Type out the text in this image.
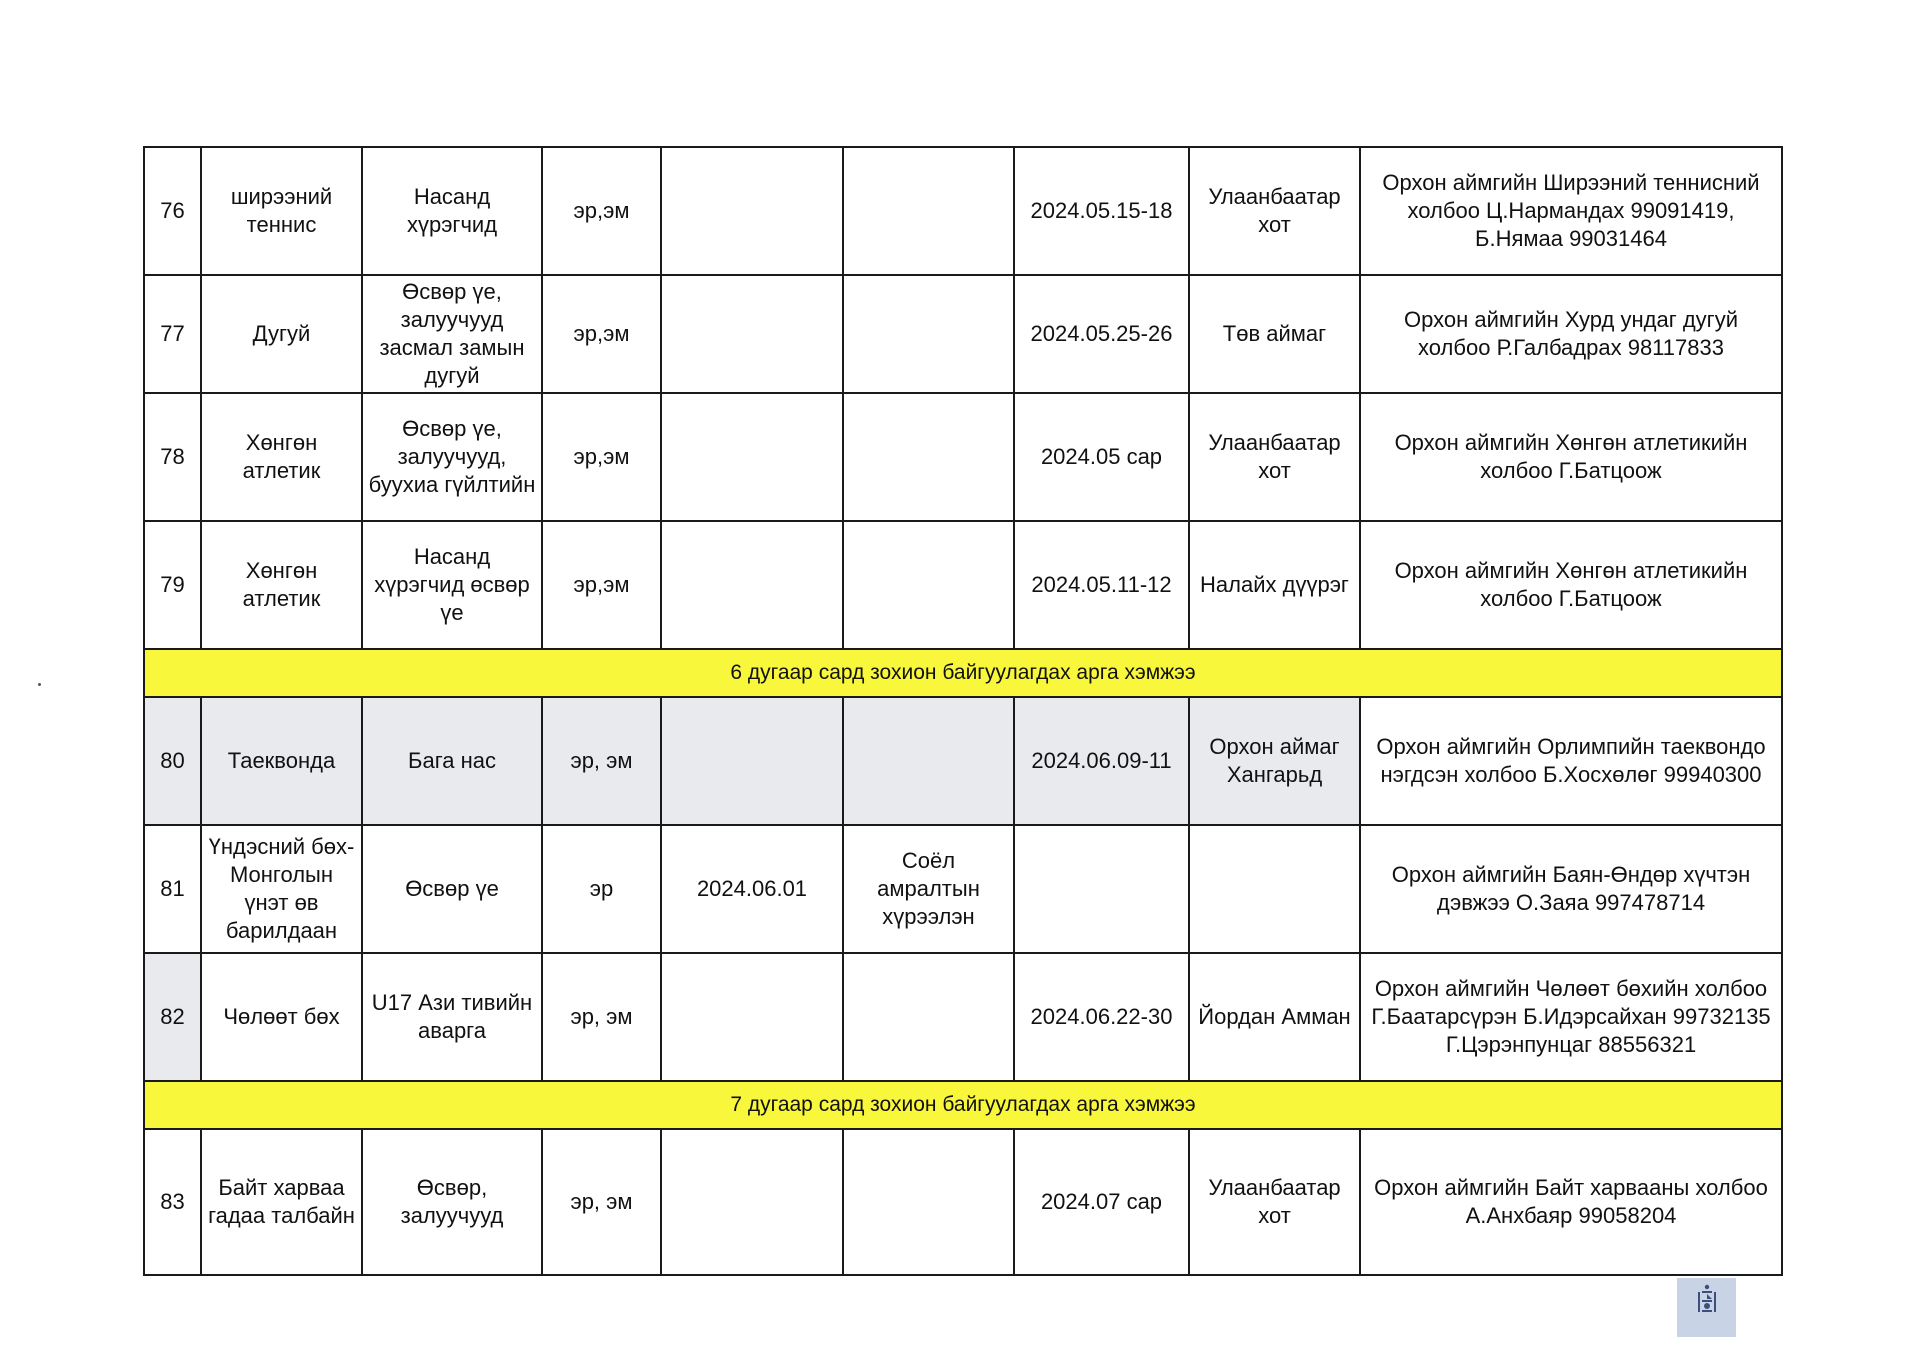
76	ширээний теннис	Насанд хүрэгчид	эр,эм			2024.05.15-18	Улаанбаатар хот	Орхон аймгийн Ширээний теннисний холбоо Ц.Нармандах 99091419, Б.Нямаа 99031464
77	Дугуй	Өсвөр үе, залуучууд засмал замын дугуй	эр,эм			2024.05.25-26	Төв аймаг	Орхон аймгийн Хурд ундаг дугуй холбоо Р.Галбадрах 98117833
78	Хөнгөн атлетик	Өсвөр үе, залуучууд, буухиа гүйлтийн	эр,эм			2024.05 сар	Улаанбаатар хот	Орхон аймгийн Хөнгөн атлетикийн холбоо Г.Батцоож
79	Хөнгөн атлетик	Насанд хүрэгчид өсвөр үе	эр,эм			2024.05.11-12	Налайх дүүрэг	Орхон аймгийн Хөнгөн атлетикийн холбоо Г.Батцоож
6 дугаар сард зохион байгуулагдах арга хэмжээ								
80	Таеквонда	Бага нас	эр, эм			2024.06.09-11	Орхон аймаг Хангарьд	Орхон аймгийн Орлимпийн таеквондо нэгдсэн холбоо Б.Хосхөлөг 99940300
81	Үндэсний бөх- Монголын үнэт өв барилдаан	Өсвөр үе	эр	2024.06.01	Соёл амралтын хүрээлэн			Орхон аймгийн Баян-Өндөр хүчтэн дэвжээ О.Заяа 997478714
82	Чөлөөт бөх	U17 Ази тивийн аварга	эр, эм			2024.06.22-30	Йордан Амман	Орхон аймгийн Чөлөөт бөхийн холбоо Г.Баатарсүрэн Б.Идэрсайхан 99732135 Г.Цэрэнпунцаг 88556321
7 дугаар сард зохион байгуулагдах арга хэмжээ								
83	Байт харваа гадаа талбайн	Өсвөр, залуучууд	эр, эм			2024.07 сар	Улаанбаатар хот	Орхон аймгийн Байт харвааны холбоо А.Анхбаяр 99058204
